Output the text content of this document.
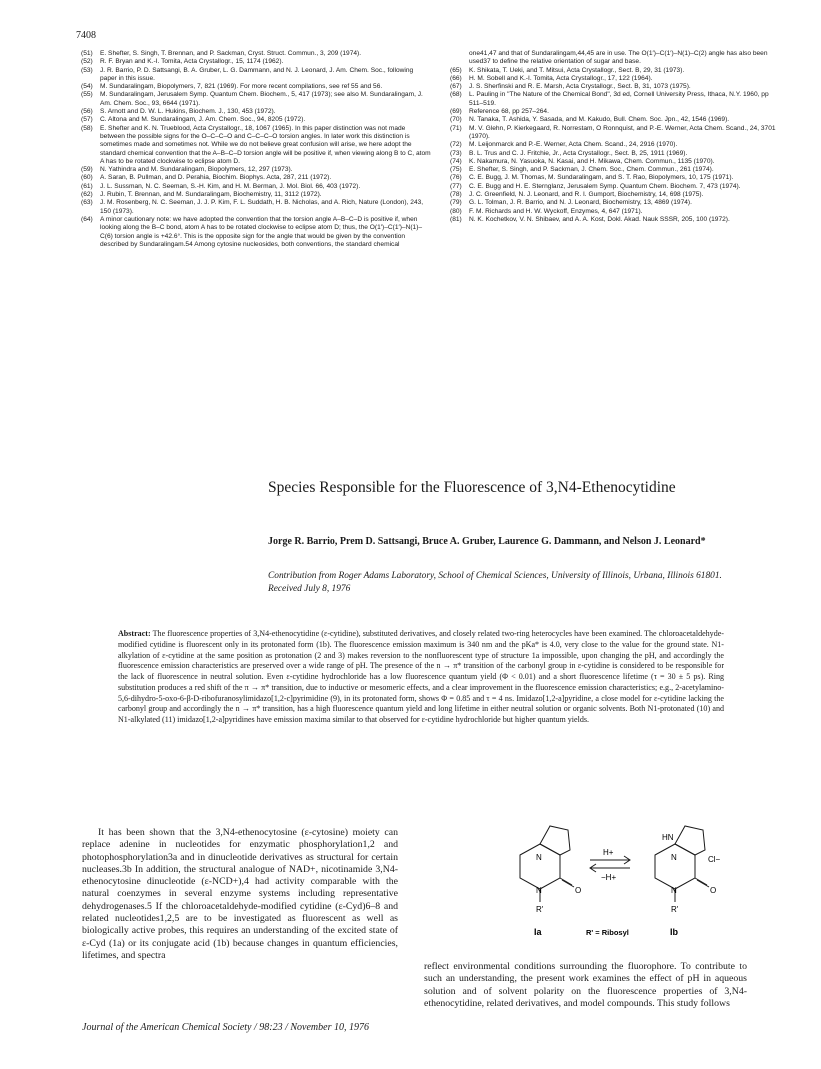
7408
(51)	E. Shefter, S. Singh, T. Brennan, and P. Sackman, Cryst. Struct. Commun., 3, 209 (1974).
(52)	R. F. Bryan and K.-I. Tomita, Acta Crystallogr., 15, 1174 (1962).
(53)	J. R. Barrio, P. D. Sattsangi, B. A. Gruber, L. G. Dammann, and N. J. Leonard, J. Am. Chem. Soc., following paper in this issue.
(54)	M. Sundaralingam, Biopolymers, 7, 821 (1969). For more recent compilations, see ref 55 and 56.
(55)	M. Sundaralingam, Jerusalem Symp. Quantum Chem. Biochem., 5, 417 (1973); see also M. Sundaralingam, J. Am. Chem. Soc., 93, 6644 (1971).
(56)	S. Arnott and D. W. L. Hukins, Biochem. J., 130, 453 (1972).
(57)	C. Altona and M. Sundaralingam, J. Am. Chem. Soc., 94, 8205 (1972).
(58)	E. Shefter and K. N. Trueblood, Acta Crystallogr., 18, 1067 (1965). In this paper distinction was not made between the possible signs for the O–C–C–O and C–C–C–O torsion angles. In later work this distinction is sometimes made and sometimes not. While we do not believe great confusion will arise, we here adopt the standard chemical convention that the A–B–C–D torsion angle will be positive if, when viewing along B to C, atom A has to be rotated clockwise to eclipse atom D.
(59)	N. Yathindra and M. Sundaralingam, Biopolymers, 12, 297 (1973).
(60)	A. Saran, B. Pullman, and D. Perahia, Biochim. Biophys. Acta, 287, 211 (1972).
(61)	J. L. Sussman, N. C. Seeman, S.-H. Kim, and H. M. Berman, J. Mol. Biol. 66, 403 (1972).
(62)	J. Rubin, T. Brennan, and M. Sundaralingam, Biochemistry, 11, 3112 (1972).
(63)	J. M. Rosenberg, N. C. Seeman, J. J. P. Kim, F. L. Suddath, H. B. Nicholas, and A. Rich, Nature (London), 243, 150 (1973).
(64)	A minor cautionary note: we have adopted the convention that the torsion angle A–B–C–D is positive if, when looking along the B–C bond, atom A has to be rotated clockwise to eclipse atom D; thus, the O(1′)–C(1′)–N(1)–C(6) torsion angle is +42.6°. This is the opposite sign for the angle that would be given by the convention described by Sundaralingam.54 Among cytosine nucleosides, both conventions, the standard chemical
one41,47 and that of Sundaralingam,44,45 are in use. The O(1′)–C(1′)–N(1)–C(2) angle has also been used37 to define the relative orientation of sugar and base.
(65)	K. Shikata, T. Ueki, and T. Mitsui, Acta Crystallogr., Sect. B, 29, 31 (1973).
(66)	H. M. Sobell and K.-I. Tomita, Acta Crystallogr., 17, 122 (1964).
(67)	J. S. Sherfinski and R. E. Marsh, Acta Crystallogr., Sect. B, 31, 1073 (1975).
(68)	L. Pauling in "The Nature of the Chemical Bond", 3d ed, Cornell University Press, Ithaca, N.Y. 1960, pp 511–519.
(69)	Reference 68, pp 257–264.
(70)	N. Tanaka, T. Ashida, Y. Sasada, and M. Kakudo, Bull. Chem. Soc. Jpn., 42, 1546 (1969).
(71)	M. V. Glehn, P. Kierkegaard, R. Norrestam, O Ronnquist, and P.-E. Werner, Acta Chem. Scand., 24, 3701 (1970).
(72)	M. Leijonmarck and P.-E. Werner, Acta Chem. Scand., 24, 2916 (1970).
(73)	B. L. Trus and C. J. Fritchie, Jr., Acta Crystallogr., Sect. B, 25, 1911 (1969).
(74)	K. Nakamura, N. Yasuoka, N. Kasai, and H. Mikawa, Chem. Commun., 1135 (1970).
(75)	E. Shefter, S. Singh, and P. Sackman, J. Chem. Soc., Chem. Commun., 261 (1974).
(76)	C. E. Bugg, J. M. Thomas, M. Sundaralingam, and S. T. Rao, Biopolymers, 10, 175 (1971).
(77)	C. E. Bugg and H. E. Sternglanz, Jerusalem Symp. Quantum Chem. Biochem. 7, 473 (1974).
(78)	J. C. Greenfield, N. J. Leonard, and R. I. Gumport, Biochemistry, 14, 698 (1975).
(79)	G. L. Tolman, J. R. Barrio, and N. J. Leonard, Biochemistry, 13, 4869 (1974).
(80)	F. M. Richards and H. W. Wyckoff, Enzymes, 4, 647 (1971).
(81)	N. K. Kochetkov, V. N. Shibaev, and A. A. Kost, Dokl. Akad. Nauk SSSR, 205, 100 (1972).
Species Responsible for the Fluorescence of 3,N4-Ethenocytidine
Jorge R. Barrio, Prem D. Sattsangi, Bruce A. Gruber, Laurence G. Dammann, and Nelson J. Leonard*
Contribution from Roger Adams Laboratory, School of Chemical Sciences, University of Illinois, Urbana, Illinois 61801. Received July 8, 1976
Abstract: The fluorescence properties of 3,N4-ethenocytidine (ε-cytidine), substituted derivatives, and closely related two-ring heterocycles have been examined. The chloroacetaldehyde-modified cytidine is fluorescent only in its protonated form (1b). The fluorescence emission maximum is 340 nm and the pKa* is 4.0, very close to the value for the ground state. N1-alkylation of ε-cytidine at the same position as protonation (2 and 3) makes reversion to the nonfluorescent type of structure 1a impossible, upon changing the pH, and accordingly the fluorescence emission characteristics are preserved over a wide range of pH. The presence of the n → π* transition of the carbonyl group in ε-cytidine is considered to be responsible for the lack of fluorescence in neutral solution. Even ε-cytidine hydrochloride has a low fluorescence quantum yield (Φ < 0.01) and a short fluorescence lifetime (τ = 30 ± 5 ps). Ring substitution produces a red shift of the π → π* transition, due to inductive or mesomeric effects, and a clear improvement in the fluorescence emission characteristics; e.g., 2-acetylamino-5,6-dihydro-5-oxo-6-β-D-ribofuranosylimidazo[1,2-c]pyrimidine (9), in its protonated form, shows Φ = 0.85 and τ = 4 ns. Imidazo[1,2-a]pyridine, a close model for ε-cytidine lacking the carbonyl group and accordingly the n → π* transition, has a high fluorescence quantum yield and long lifetime in either neutral solution or organic solvents. Both N1-protonated (10) and N1-alkylated (11) imidazo[1,2-a]pyridines have emission maxima similar to that observed for ε-cytidine hydrochloride but higher quantum yields.
It has been shown that the 3,N4-ethenocytosine (ε-cytosine) moiety can replace adenine in nucleotides for enzymatic phosphorylation1,2 and photophosphorylation3a and in dinucleotide derivatives as structural for certain nucleases.3b In addition, the structural analogue of NAD+, nicotinamide 3,N4-ethenocytosine dinucleotide (ε-NCD+),4 had activity comparable with the natural coenzymes in several enzyme systems including representative dehydrogenases.5 If the chloroacetaldehyde-modified cytidine (ε-Cyd)6–8 and related nucleotides1,2,5 are to be investigated as fluorescent as well as biologically active probes, this requires an understanding of the excited state of ε-Cyd (1a) or its conjugate acid (1b) because changes in quantum efficiencies, lifetimes, and spectra
N
N	O
R'
HN
N
N	O
R'
Cl−
H+
−H+
Ia	R' = Ribosyl	Ib
reflect environmental conditions surrounding the fluorophore. To contribute to such an understanding, the present work examines the effect of pH in aqueous solution and of solvent polarity on the fluorescence properties of 3,N4-ethenocytidine, related derivatives, and model compounds. This study follows
Journal of the American Chemical Society / 98:23 / November 10, 1976
